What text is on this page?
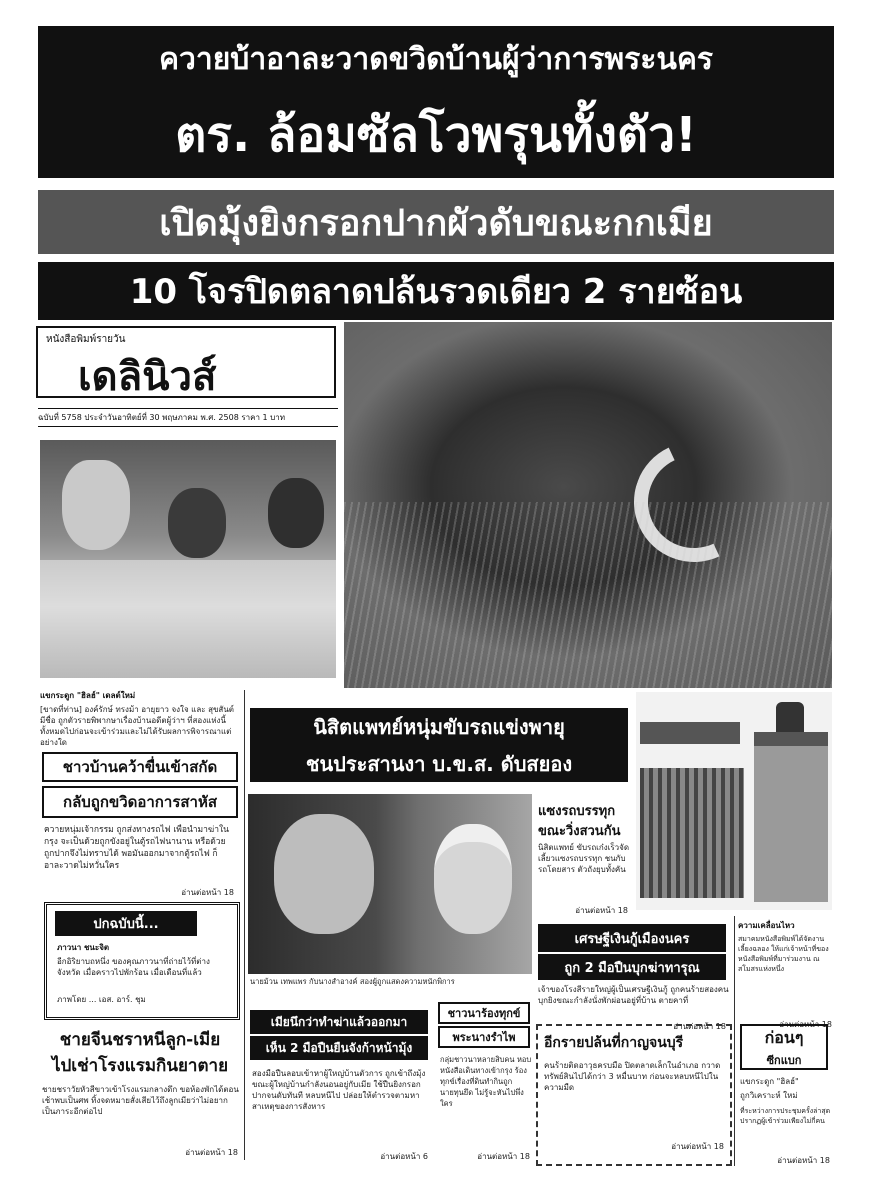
ควายบ้าอาละวาดขวิดบ้านผู้ว่าการพระนคร
ตร. ล้อมซัลโวพรุนทั้งตัว!
เปิดมุ้งยิงกรอกปากผัวดับขณะกกเมีย
10 โจรปิดตลาดปล้นรวดเดียว 2 รายซ้อน
หนังสือพิมพ์รายวัน
เดลินิวส์
ฉบับที่ 5758 ประจำวันอาทิตย์ที่ 30 พฤษภาคม พ.ศ. 2508 ราคา 1 บาท
แขกระดูก "ฮิลฮ์" เดลต์ใหม่
[ขาดที่ท่าน] องค์รักษ์ ทรงม้า อายุยาว จงใจ และ สุขสันต์ มีชื่อ ถูกตัวรายพิพากษาเรื่องบ้านอดีตผู้ว่าฯ ที่สองแห่งนี้ ทั้งหมดไปก่อนจะเข้าร่วมและไม่ได้รับผลการพิจารณาแต่อย่างใด
ชาวบ้านคว้าขื่นเข้าสกัด
กลับถูกขวิดอาการสาหัส
ควายหนุ่มเจ้ากรรม ถูกส่งทางรถไฟ เพื่อนำมาฆ่าในกรุง จะเป็นด้วยถูกขังอยู่ในตู้รถไฟนานาน หรือด้วยถูกปากจึงไม่ทราบได้ พอมันออกมาจากตู้รถไฟ ก็อาละวาดไม่หวั่นใคร
อ่านต่อหน้า 18
ปกฉบับนี้...
ภาวนา ชนะจิต
อีกอิริยาบถหนึ่ง ของคุณภาวนาที่ถ่ายไว้ที่ต่างจังหวัด เมื่อคราวไปพักร้อน เมื่อเดือนที่แล้ว
ภาพโดย ... เอส. อาร์. ชุม
ชายจีนชราหนีลูก-เมีย
ไปเช่าโรงแรมกินยาตาย
ชายชราวัยหัวสีขาวเข้าโรงแรมกลางดึก ขอห้องพักได้ตอนเช้าพบเป็นศพ ทิ้งจดหมายสั่งเสียไว้ถึงลูกเมียว่าไม่อยากเป็นภาระอีกต่อไป
อ่านต่อหน้า 18
นิสิตแพทย์หนุ่มขับรถแข่งพายุ
ชนประสานงา บ.ข.ส. ดับสยอง
นายม้วน เทพแพร กับนางสำอางค์ สองผู้ถูกแสดงความหนักพิการ
แซงรถบรรทุก
ขณะวิ่งสวนกัน
นิสิตแพทย์ ขับรถเก๋งเร็วจัด เลี้ยวแซงรถบรรทุก ชนกับรถโดยสาร ตัวถังยุบทั้งคัน
อ่านต่อหน้า 18
เศรษฐีเงินกู้เมืองนคร
ถูก 2 มือปืนบุกฆ่าทารุณ
เจ้าของโรงสีรายใหญ่ผู้เป็นเศรษฐีเงินกู้ ถูกคนร้ายสองคนบุกยิงขณะกำลังนั่งพักผ่อนอยู่ที่บ้าน ตายคาที่
อ่านต่อหน้า 18
ความเคลื่อนไหว
สมาคมหนังสือพิมพ์ได้จัดงานเลี้ยงฉลอง ให้แก่เจ้าหน้าที่ของหนังสือพิมพ์ที่มาร่วมงาน ณ สโมสรแห่งหนึ่ง
อ่านต่อหน้า 18
เมียนึกว่าทำฆ่าแล้วออกมา
เห็น 2 มือปืนยืนจังก้าหน้ามุ้ง
สองมือปืนลอบเข้าหาผู้ใหญ่บ้านตัวการ ถูกเข้าถึงมุ้งขณะผู้ใหญ่บ้านกำลังนอนอยู่กับเมีย ใช้ปืนยิงกรอกปากจนดับทันที หลบหนีไป ปล่อยให้ตำรวจตามหาสาเหตุของการสังหาร
อ่านต่อหน้า 6
ชาวนาร้องทุกข์
พระนางรำไพ
กลุ่มชาวนาหลายสิบคน หอบหนังสือเดินทางเข้ากรุง ร้องทุกข์เรื่องที่ดินทำกินถูกนายทุนยึด ไม่รู้จะหันไปพึ่งใคร
อ่านต่อหน้า 18
อีกรายปล้นที่กาญจนบุรี
คนร้ายติดอาวุธครบมือ ปิดตลาดเล็กในอำเภอ กวาดทรัพย์สินไปได้กว่า 3 หมื่นบาท ก่อนจะหลบหนีไปในความมืด
อ่านต่อหน้า 18
ก่อนๆ
ซีกแบก
แขกระดูก "ฮิลฮ์"
ถูกวิเคราะห์ ใหม่
ที่ระหว่างการประชุมครั้งล่าสุด ปรากฏผู้เข้าร่วมเพียงไม่กี่คน
อ่านต่อหน้า 18
